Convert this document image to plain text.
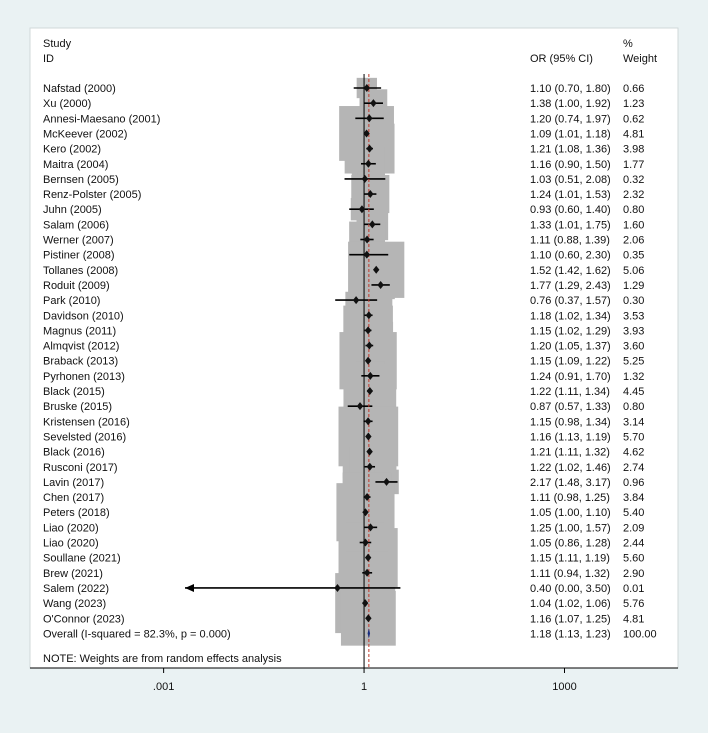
Study
ID	OR (95% CI)
%
Weight
Nafstad (2000)	1.10 (0.70, 1.80) 0.66
Xu (2000)	1.38 (1.00, 1.92) 1.23
Annesi-Maesano (2001)	1.20 (0.74, 1.97) 0.62
McKeever (2002)	1.09 (1.01, 1.18) 4.81
Kero (2002)	1.21 (1.08, 1.36) 3.98
Maitra (2004)	1.16 (0.90, 1.50) 1.77
Bernsen (2005)	1.03 (0.51, 2.08) 0.32
Renz-Polster (2005)	1.24 (1.01, 1.53) 2.32
Juhn (2005)	0.93 (0.60, 1.40) 0.80
Salam (2006)	1.33 (1.01, 1.75) 1.60
Werner (2007)	1.11 (0.88, 1.39) 2.06
Pistiner (2008)	1.10 (0.60, 2.30) 0.35
Tollanes (2008)	1.52 (1.42, 1.62) 5.06
Roduit (2009)	1.77 (1.29, 2.43) 1.29
Park (2010)	0.76 (0.37, 1.57) 0.30
Davidson (2010)	1.18 (1.02, 1.34) 3.53
Magnus (2011)	1.15 (1.02, 1.29) 3.93
Almqvist (2012)	1.20 (1.05, 1.37) 3.60
Braback (2013)	1.15 (1.09, 1.22) 5.25
Pyrhonen (2013)	1.24 (0.91, 1.70) 1.32
Black (2015)	1.22 (1.11, 1.34) 4.45
Bruske (2015)	0.87 (0.57, 1.33) 0.80
Kristensen (2016)	1.15 (0.98, 1.34) 3.14
Sevelsted (2016)	1.16 (1.13, 1.19) 5.70
Black (2016)	1.21 (1.11, 1.32) 4.62
Rusconi (2017)	1.22 (1.02, 1.46) 2.74
Lavin (2017)	2.17 (1.48, 3.17) 0.96
Chen (2017)	1.11 (0.98, 1.25) 3.84
Peters (2018)	1.05 (1.00, 1.10) 5.40
Liao (2020)	1.25 (1.00, 1.57) 2.09
Liao (2020)	1.05 (0.86, 1.28) 2.44
Soullane (2021)	1.15 (1.11, 1.19) 5.60
Brew (2021)	1.11 (0.94, 1.32) 2.90
Salem (2022)	0.40 (0.00, 3.50) 0.01
Wang (2023)	1.04 (1.02, 1.06) 5.76
O'Connor (2023)	1.16 (1.07, 1.25) 4.81
Overall (I-squared = 82.3%, p = 0.000)	1.18 (1.13, 1.23) 100.00
NOTE: Weights are from random effects analysis
.001	1	1000
